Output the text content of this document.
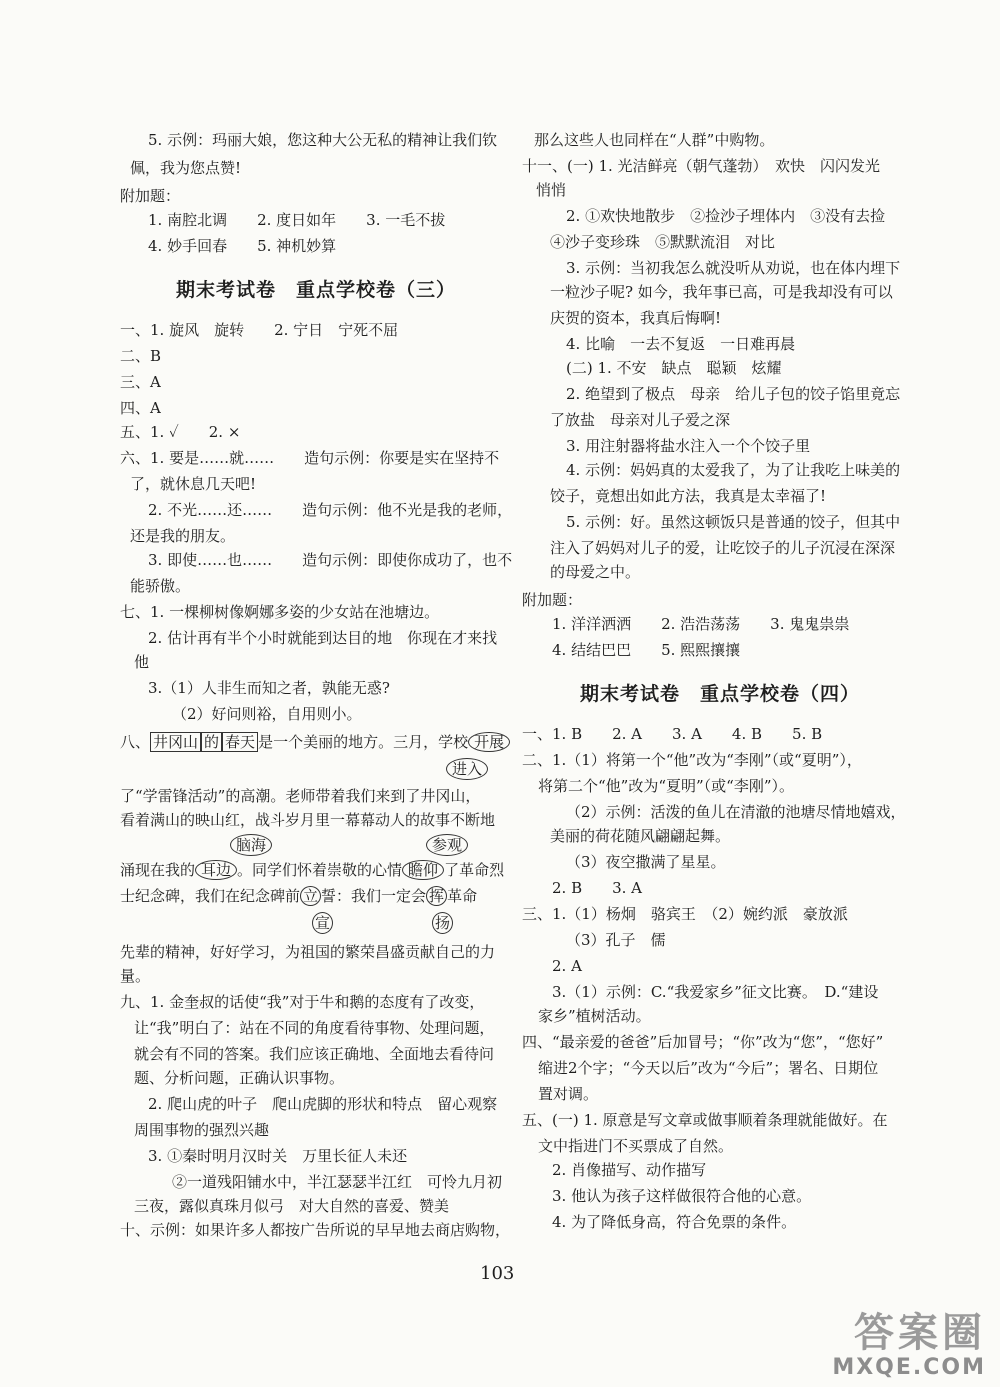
5. 示例：玛丽大娘，您这种大公无私的精神让我们钦
佩，我为您点赞!
附加题：
1. 南腔北调　　2. 度日如年　　3. 一毛不拔
4. 妙手回春　　5. 神机妙算
期末考试卷　重点学校卷（三）
一、1. 旋风　旋转　　2. 宁日　宁死不屈
二、B
三、A
四、A
五、1. ✓　　2. ×
六、1. 要是……就……　　造句示例：你要是实在坚持不
了，就休息几天吧!
2. 不光……还……　　造句示例：他不光是我的老师，
还是我的朋友。
3. 即使……也……　　造句示例：即使你成功了，也不
能骄傲。
七、1. 一棵柳树像婀娜多姿的少女站在池塘边。
2. 估计再有半个小时就能到达目的地　你现在才来找
他
3.（1）人非生而知之者，孰能无惑?
（2）好问则裕，自用则小。
八、 井冈山 的 春天 是一个美丽的地方。三月，学校 开展
进入
了“学雷锋活动”的高潮。老师带着我们来到了井冈山，
看着满山的映山红，战斗岁月里一幕幕动人的故事不断地
脑海	参观
涌现在我的 耳边 。同学们怀着崇敬的心情 瞻仰 了革命烈
士纪念碑，我们在纪念碑前 立 誓：我们一定会 挥 革命
宣	扬
先辈的精神，好好学习，为祖国的繁荣昌盛贡献自己的力
量。
九、1. 金奎叔的话使“我”对于牛和鹅的态度有了改变，
让“我”明白了：站在不同的角度看待事物、处理问题，
就会有不同的答案。我们应该正确地、全面地去看待问
题、分析问题，正确认识事物。
2. 爬山虎的叶子　爬山虎脚的形状和特点　留心观察
周围事物的强烈兴趣
3. ①秦时明月汉时关　万里长征人未还
②一道残阳铺水中，半江瑟瑟半江红　可怜九月初
三夜，露似真珠月似弓　对大自然的喜爱、赞美
十、示例：如果许多人都按广告所说的早早地去商店购物，
那么这些人也同样在“人群”中购物。
十一、(一) 1. 光洁鲜亮（朝气蓬勃）　欢快　闪闪发光
悄悄
2. ①欢快地散步　②捡沙子埋体内　③没有去捡
④沙子变珍珠　⑤默默流泪　对比
3. 示例：当初我怎么就没听从劝说，也在体内埋下
一粒沙子呢? 如今，我年事已高，可是我却没有可以
庆贺的资本，我真后悔啊!
4. 比喻　一去不复返　一日难再晨
(二) 1. 不安　缺点　聪颖　炫耀
2. 绝望到了极点　母亲　给儿子包的饺子馅里竟忘
了放盐　母亲对儿子爱之深
3. 用注射器将盐水注入一个个饺子里
4. 示例：妈妈真的太爱我了，为了让我吃上味美的
饺子，竟想出如此方法，我真是太幸福了!
5. 示例：好。虽然这顿饭只是普通的饺子，但其中
注入了妈妈对儿子的爱，让吃饺子的儿子沉浸在深深
的母爱之中。
附加题：
1. 洋洋洒洒　　2. 浩浩荡荡　　3. 鬼鬼祟祟
4. 结结巴巴　　5. 熙熙攘攘
期末考试卷　重点学校卷（四）
一、1. B　　2. A　　3. A　　4. B　　5. B
二、1.（1）将第一个“他”改为“李刚”（或“夏明”），
将第二个“他”改为“夏明”（或“李刚”）。
（2）示例：活泼的鱼儿在清澈的池塘尽情地嬉戏，
美丽的荷花随风翩翩起舞。
（3）夜空撒满了星星。
2. B　　3. A
三、1.（1）杨炯　骆宾王　（2）婉约派　豪放派
（3）孔子　儒
2. A
3.（1）示例：C.“我爱家乡”征文比赛。　D.“建设
家乡”植树活动。
四、“最亲爱的爸爸”后加冒号；“你”改为“您”，“您好”
缩进2个字；“今天以后”改为“今后”；署名、日期位
置对调。
五、(一) 1. 原意是写文章或做事顺着条理就能做好。在
文中指进门不买票成了自然。
2. 肖像描写、动作描写
3. 他认为孩子这样做很符合他的心意。
4. 为了降低身高，符合免票的条件。
103
答案圈
MXQE.COM
